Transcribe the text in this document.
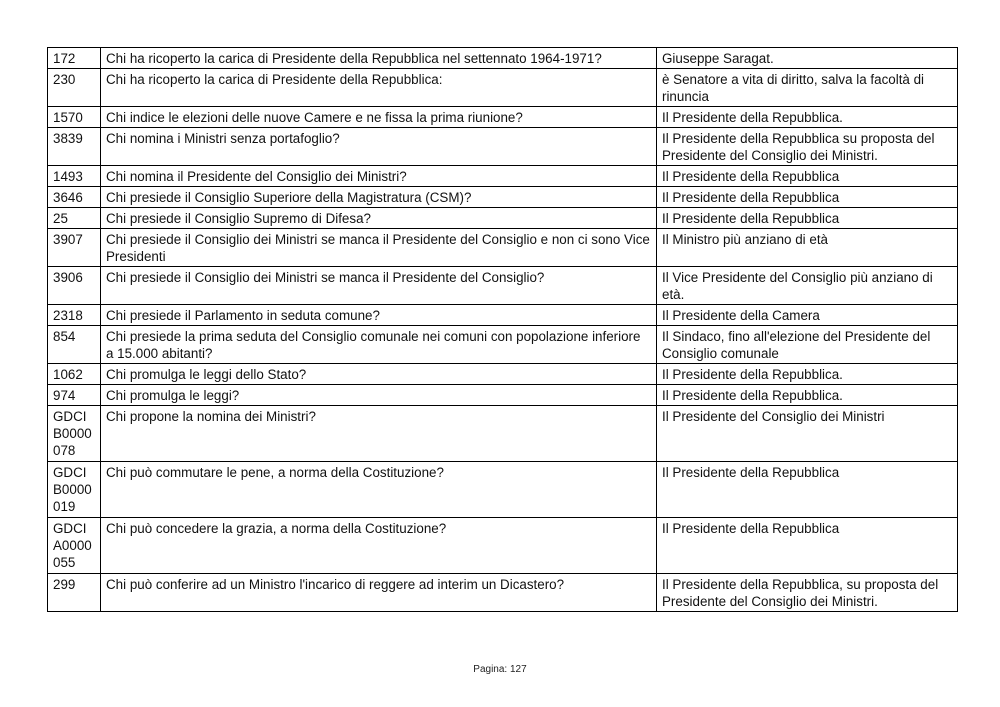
172	Chi ha ricoperto la carica di Presidente della Repubblica nel settennato 1964-1971?	Giuseppe Saragat.
230	Chi ha ricoperto la carica di Presidente della Repubblica:	è Senatore a vita di diritto, salva la facoltà di rinuncia
1570	Chi indice le elezioni delle nuove Camere e ne fissa la prima riunione?	Il Presidente della Repubblica.
3839	Chi nomina i Ministri senza portafoglio?	Il Presidente della Repubblica su proposta del Presidente del Consiglio dei Ministri.
1493	Chi nomina il Presidente del Consiglio dei Ministri?	Il Presidente della Repubblica
3646	Chi presiede il Consiglio Superiore della Magistratura (CSM)?	Il Presidente della Repubblica
25	Chi presiede il Consiglio Supremo di Difesa?	Il Presidente della Repubblica
3907	Chi presiede il Consiglio dei Ministri se manca il Presidente del Consiglio e non ci sono Vice Presidenti	Il Ministro più anziano di età
3906	Chi presiede il Consiglio dei Ministri se manca il Presidente del Consiglio?	Il Vice Presidente del Consiglio più anziano di età.
2318	Chi presiede il Parlamento in seduta comune?	Il Presidente della Camera
854	Chi presiede la prima seduta del Consiglio comunale nei comuni con popolazione inferiore a 15.000 abitanti?	Il Sindaco, fino all'elezione del Presidente del Consiglio comunale
1062	Chi promulga le leggi dello Stato?	Il Presidente della Repubblica.
974	Chi promulga le leggi?	Il Presidente della Repubblica.
GDCIB0000078	Chi propone la nomina dei Ministri?	Il Presidente del Consiglio dei Ministri
GDCIB0000019	Chi può commutare le pene, a norma della Costituzione?	Il Presidente della Repubblica
GDCIA0000055	Chi può concedere la grazia, a norma della Costituzione?	Il Presidente della Repubblica
299	Chi può conferire ad un Ministro l'incarico di reggere ad interim un Dicastero?	Il Presidente della Repubblica, su proposta del Presidente del Consiglio dei Ministri.
Pagina: 127
